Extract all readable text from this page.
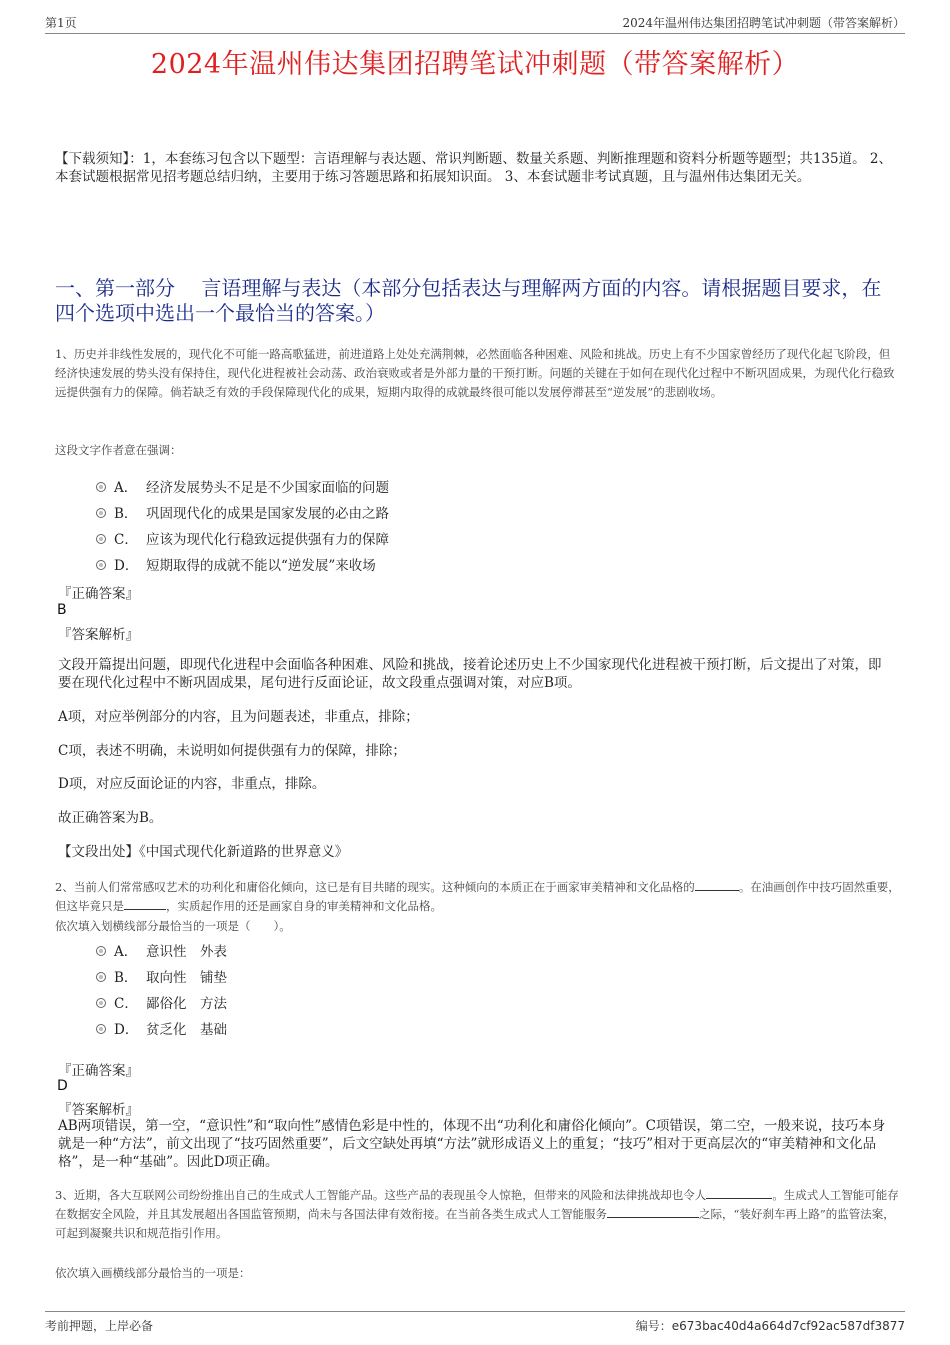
第1页	2024年温州伟达集团招聘笔试冲刺题（带答案解析）
2024年温州伟达集团招聘笔试冲刺题（带答案解析）
【下载须知】：1，本套练习包含以下题型：言语理解与表达题、常识判断题、数量关系题、判断推理题和资料分析题等题型；共135道。 2、本套试题根据常见招考题总结归纳，主要用于练习答题思路和拓展知识面。 3、本套试题非考试真题，且与温州伟达集团无关。
一、第一部分　 言语理解与表达（本部分包括表达与理解两方面的内容。请根据题目要求，在四个选项中选出一个最恰当的答案。）
1、历史并非线性发展的，现代化不可能一路高歌猛进，前进道路上处处充满荆棘，必然面临各种困难、风险和挑战。历史上有不少国家曾经历了现代化起飞阶段，但经济快速发展的势头没有保持住，现代化进程被社会动荡、政治衰败或者是外部力量的干预打断。问题的关键在于如何在现代化过程中不断巩固成果，为现代化行稳致远提供强有力的保障。倘若缺乏有效的手段保障现代化的成果，短期内取得的成就最终很可能以发展停滞甚至“逆发展”的悲剧收场。
这段文字作者意在强调：
A． 经济发展势头不足是不少国家面临的问题
B． 巩固现代化的成果是国家发展的必由之路
C． 应该为现代化行稳致远提供强有力的保障
D． 短期取得的成就不能以“逆发展”来收场
『正确答案』
B
『答案解析』
文段开篇提出问题，即现代化进程中会面临各种困难、风险和挑战，接着论述历史上不少国家现代化进程被干预打断，后文提出了对策，即要在现代化过程中不断巩固成果，尾句进行反面论证，故文段重点强调对策，对应B项。
A项，对应举例部分的内容，且为问题表述，非重点，排除；
C项，表述不明确，未说明如何提供强有力的保障，排除；
D项，对应反面论证的内容，非重点，排除。
故正确答案为B。
【文段出处】《中国式现代化新道路的世界意义》
2、当前人们常常感叹艺术的功利化和庸俗化倾向，这已是有目共睹的现实。这种倾向的本质正在于画家审美精神和文化品格的	。在油画创作中技巧固然重要，但这毕竟只是	，实质起作用的还是画家自身的审美精神和文化品格。
依次填入划横线部分最恰当的一项是（　　）。
A． 意识性　外表
B． 取向性　铺垫
C． 鄙俗化　方法
D． 贫乏化　基础
『正确答案』
D
『答案解析』
AB两项错误，第一空，“意识性”和“取向性”感情色彩是中性的，体现不出“功利化和庸俗化倾向”。C项错误，第二空，一般来说，技巧本身就是一种“方法”，前文出现了“技巧固然重要”，后文空缺处再填“方法”就形成语义上的重复；“技巧”相对于更高层次的“审美精神和文化品格”，是一种“基础”。因此D项正确。
3、近期，各大互联网公司纷纷推出自己的生成式人工智能产品。这些产品的表现虽令人惊艳，但带来的风险和法律挑战却也令人	。生成式人工智能可能存在数据安全风险，并且其发展超出各国监管预期，尚未与各国法律有效衔接。在当前各类生成式人工智能服务	之际，“装好刹车再上路”的监管法案，可起到凝聚共识和规范指引作用。
依次填入画横线部分最恰当的一项是：
考前押题，上岸必备	编号：e673bac40d4a664d7cf92ac587df3877
